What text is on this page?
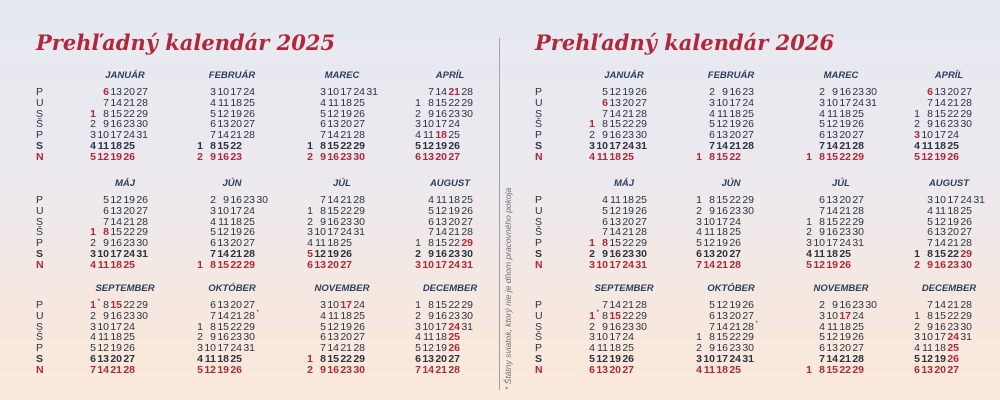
Prehľadný kalendár 2025	Prehľadný kalendár 2026
* Štátny sviatok, ktorý nie je dňom pracovného pokoja
P
U
S
Š
P
S
N
JANUÁR
1
2
3
4
5
6
7
8
9
10
11
12
13
14
15
16
17
18
19
20
21
22
23
24
25
26
27
28
29
30
31
FEBRUÁR
1
2
3
4
5
6
7
8
9
10
11
12
13
14
15
16
17
18
19
20
21
22
23
24
25
26
27
28
MAREC
1
2
3
4
5
6
7
8
9
10
11
12
13
14
15
16
17
18
19
20
21
22
23
24
25
26
27
28
29
30
31
APRÍL
1
2
3
4
5
6
7
8
9
10
11
12
13
14
15
16
17
18
19
20
21
22
23
24
25
26
27
28
29
30
P
U
S
Š
P
S
N
MÁJ
1
2
3
4
5
6
7
8
9
10
11
12
13
14
15
16
17
18
19
20
21
22
23
24
25
26
27
28
29
30
31
JÚN
1
2
3
4
5
6
7
8
9
10
11
12
13
14
15
16
17
18
19
20
21
22
23
24
25
26
27
28
29
30
JÚL
1
2
3
4
5
6
7
8
9
10
11
12
13
14
15
16
17
18
19
20
21
22
23
24
25
26
27
28
29
30
31
AUGUST
1
2
3
4
5
6
7
8
9
10
11
12
13
14
15
16
17
18
19
20
21
22
23
24
25
26
27
28
29
30
31
P
U
S
Š
P
S
N
SEPTEMBER
1 *
2
3
4
5
6
7
8
9
10
11
12
13
14
15
16
17
18
19
20
21
22
23
24
25
26
27
28
29
30
OKTÓBER
1
2
3
4
5
6
7
8
9
10
11
12
13
14
15
16
17
18
19
20
21
22
23
24
25
26
27
28 *
29
30
31
NOVEMBER
1
2
3
4
5
6
7
8
9
10
11
12
13
14
15
16
17
18
19
20
21
22
23
24
25
26
27
28
29
30
DECEMBER
1
2
3
4
5
6
7
8
9
10
11
12
13
14
15
16
17
18
19
20
21
22
23
24
25
26
27
28
29
30
31
P
U
S
Š
P
S
N
JANUÁR
1
2
3
4
5
6
7
8
9
10
11
12
13
14
15
16
17
18
19
20
21
22
23
24
25
26
27
28
29
30
31
FEBRUÁR
1
2
3
4
5
6
7
8
9
10
11
12
13
14
15
16
17
18
19
20
21
22
23
24
25
26
27
28
MAREC
1
2
3
4
5
6
7
8
9
10
11
12
13
14
15
16
17
18
19
20
21
22
23
24
25
26
27
28
29
30
31
APRÍL
1
2
3
4
5
6
7
8
9
10
11
12
13
14
15
16
17
18
19
20
21
22
23
24
25
26
27
28
29
30
P
U
S
Š
P
S
N
MÁJ
1
2
3
4
5
6
7
8
9
10
11
12
13
14
15
16
17
18
19
20
21
22
23
24
25
26
27
28
29
30
31
JÚN
1
2
3
4
5
6
7
8
9
10
11
12
13
14
15
16
17
18
19
20
21
22
23
24
25
26
27
28
29
30
JÚL
1
2
3
4
5
6
7
8
9
10
11
12
13
14
15
16
17
18
19
20
21
22
23
24
25
26
27
28
29
30
31
AUGUST
1
2
3
4
5
6
7
8
9
10
11
12
13
14
15
16
17
18
19
20
21
22
23
24
25
26
27
28
29
30
31
P
U
S
Š
P
S
N
SEPTEMBER
1 *
2
3
4
5
6
7
8
9
10
11
12
13
14
15
16
17
18
19
20
21
22
23
24
25
26
27
28
29
30
OKTÓBER
1
2
3
4
5
6
7
8
9
10
11
12
13
14
15
16
17
18
19
20
21
22
23
24
25
26
27
28 *
29
30
31
NOVEMBER
1
2
3
4
5
6
7
8
9
10
11
12
13
14
15
16
17
18
19
20
21
22
23
24
25
26
27
28
29
30
DECEMBER
1
2
3
4
5
6
7
8
9
10
11
12
13
14
15
16
17
18
19
20
21
22
23
24
25
26
27
28
29
30
31
